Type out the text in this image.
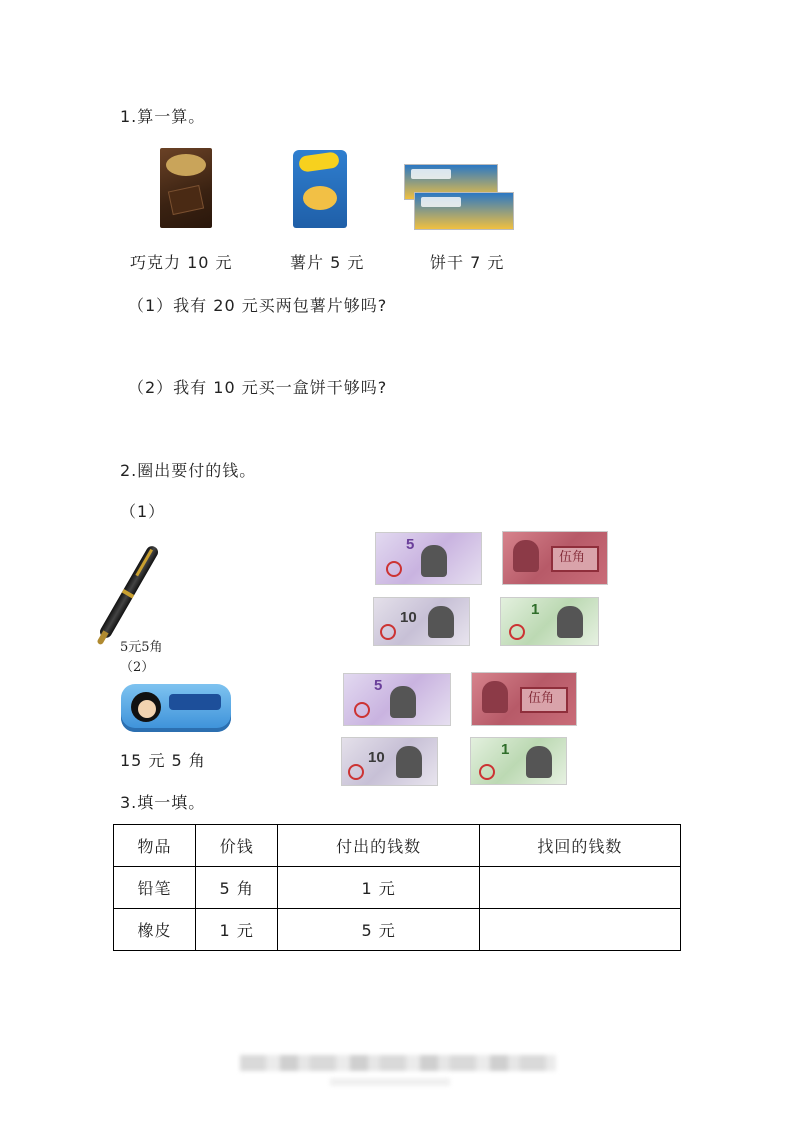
1.算一算。
巧克力 10 元	薯片 5 元	饼干 7 元
（1）我有 20 元买两包薯片够吗?
（2）我有 10 元买一盒饼干够吗?
2.圈出要付的钱。
（1）
5元5角
（2）
5
伍角
10	1
15 元 5 角
5
伍角
10	1
3.填一填。
物品	价钱	付出的钱数	找回的钱数
铅笔	5 角	1 元	
橡皮	1 元	5 元	
